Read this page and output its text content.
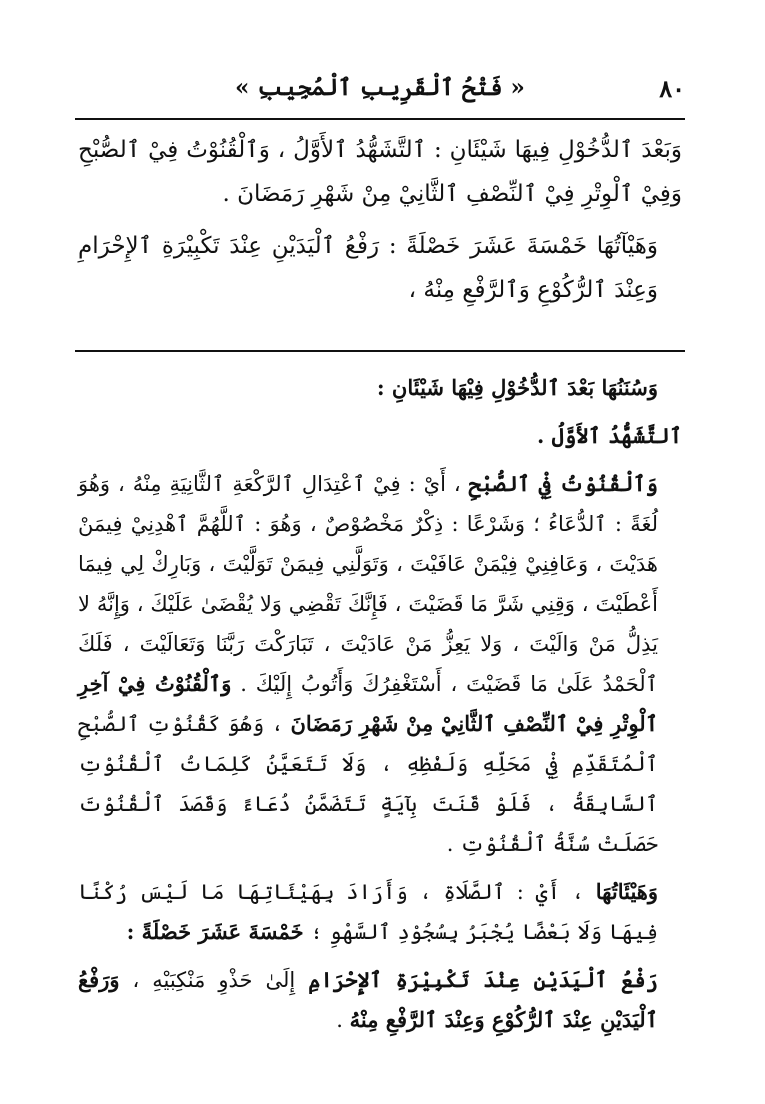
٨٠
« فَتْحُ ٱلْقَرِيبِ ٱلْمُجِيبِ »

وَبَعْدَ ٱلدُّخُوْلِ فِيهَا شَيْئَانِ : ٱلتَّشَهُّدُ ٱلأَوَّلُ ، وَٱلْقُنُوْتُ فِيْ ٱلصُّبْحِ وَفِيْ ٱلْوِتْرِ فِيْ ٱلنِّصْفِ ٱلثَّانِيْ مِنْ شَهْرِ رَمَضَانَ .

وَهَيْآتُهَا خَمْسَةَ عَشَرَ خَصْلَةً : رَفْعُ ٱلْيَدَيْنِ عِنْدَ تَكْبِيْرَةِ ٱلإِحْرَامِ وَعِنْدَ ٱلرُّكُوْعِ وَٱلرَّفْعِ مِنْهُ ،

وَسُنَنُهَا بَعْدَ ٱلدُّخُوْلِ فِيْهَا شَيْئَانِ :

ٱلتَّشَهُّدُ ٱلأَوَّلُ .

وَٱلْقُنُوْتُ فِيْ ٱلصُّبْحِ ، أَيْ : فِيْ ٱعْتِدَالِ ٱلرَّكْعَةِ ٱلثَّانِيَةِ مِنْهُ ، وَهُوَ لُغَةً : ٱلدُّعَاءُ ؛ وَشَرْعًا : ذِكْرٌ مَخْصُوْصٌ ، وَهُوَ : ٱللَّهُمَّ ٱهْدِنِيْ فِيمَنْ هَدَيْتَ ، وَعَافِنِيْ فِيْمَنْ عَافَيْتَ ، وَتَوَلَّنِي فِيمَنْ تَوَلَّيْتَ ، وَبَارِكْ لِي فِيمَا أَعْطَيْتَ ، وَقِنِي شَرَّ مَا قَضَيْتَ ، فَإِنَّكَ تَقْضِي وَلا يُقْضَىٰ عَلَيْكَ ، وَإِنَّهُ لا يَذِلُّ مَنْ وَالَيْتَ ، وَلا يَعِزُّ مَنْ عَادَيْتَ ، تَبَارَكْتَ رَبَّنَا وَتَعَالَيْتَ ، فَلَكَ ٱلْحَمْدُ عَلَىٰ مَا قَضَيْتَ ، أَسْتَغْفِرُكَ وَأَتُوبُ إِلَيْكَ . وَٱلْقُنُوْتُ فِيْ آخِرِ ٱلْوِتْرِ فِيْ ٱلنِّصْفِ ٱلثَّانِيْ مِنْ شَهْرِ رَمَضَانَ ، وَهُوَ كَقُنُوْتِ ٱلصُّبْحِ ٱلْمُتَقَدِّمِ فِيْ مَحَلِّهِ وَلَفْظِهِ ، وَلَا تَتَعَيَّنُ كَلِمَاتُ ٱلْقُنُوْتِ ٱلسَّابِقَةُ ، فَلَوْ قَنَتَ بِآيَةٍ تَتَضَمَّنُ دُعَاءً وَقَصَدَ ٱلْقُنُوْتَ حَصَلَتْ سُنَّةُ ٱلْقُنُوْتِ .

وَهَيْئَاتُهَا ، أَيْ : ٱلصَّلَاةِ ، وَأَرَادَ بِهَيْئَاتِهَا مَا لَيْسَ رُكْنًا فِيهَا وَلَا بَعْضًا يُجْبَرُ بِسُجُوْدِ ٱلسَّهْوِ ؛ خَمْسَةَ عَشَرَ خَصْلَةً :

رَفْعُ ٱلْيَدَيْنِ عِنْدَ تَكْبِيْرَةِ ٱلإِحْرَامِ إِلَىٰ حَذْوِ مَنْكِبَيْهِ ، وَرَفْعُ ٱلْيَدَيْنِ عِنْدَ ٱلرُّكُوْعِ وَعِنْدَ ٱلرَّفْعِ مِنْهُ .
